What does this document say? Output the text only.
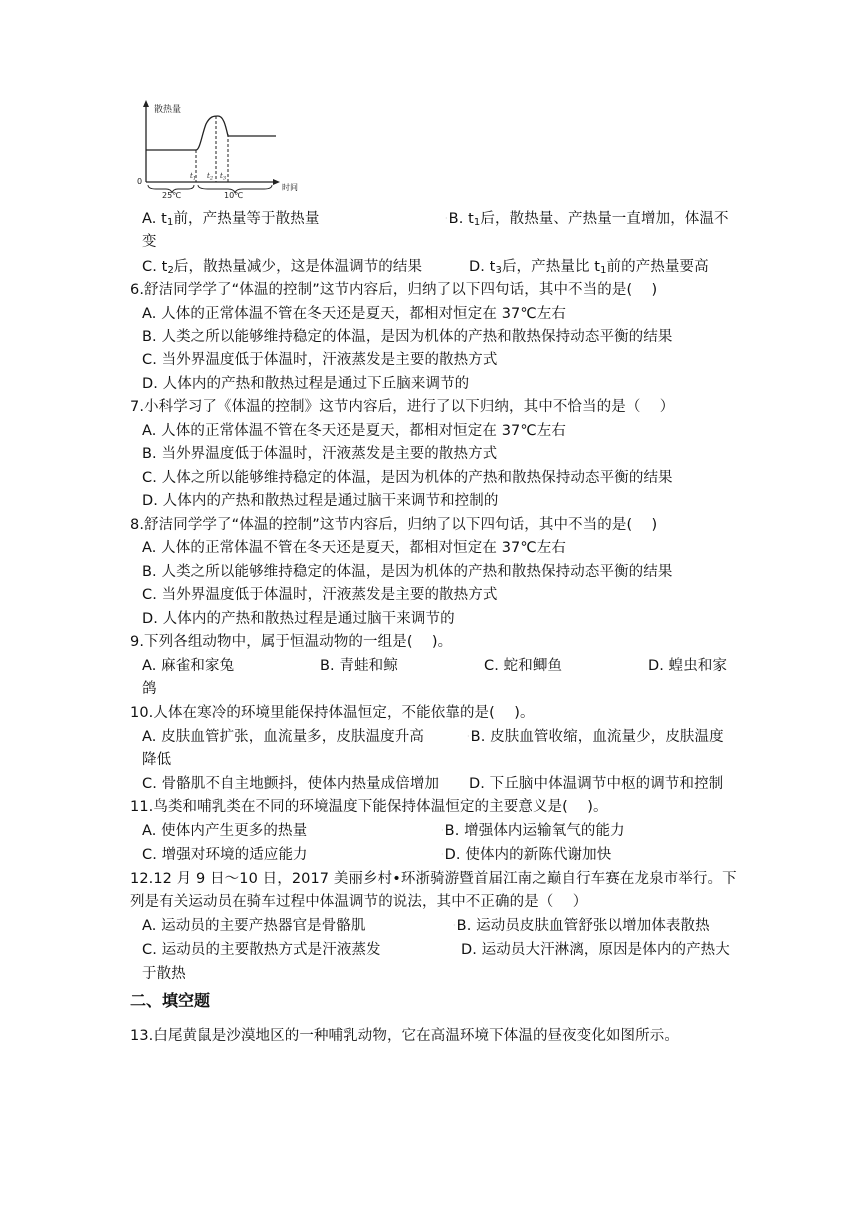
散热量
0
时间
$t_1$ $t_2$ $t_3$
25℃	10℃
A. $t_1$前，产热量等于散热量	·B. $t_1$后，散热量、产热量一直增加，体温不
变
C. $t_2$后，散热量减少，这是体温调节的结果	D. $t_3$后，产热量比 $t_1$前的产热量要高
6.舒洁同学学了“体温的控制”这节内容后，归纳了以下四句话，其中不当的是(　 )
A. 人体的正常体温不管在冬天还是夏天，都相对恒定在 37℃左右
B. 人类之所以能够维持稳定的体温，是因为机体的产热和散热保持动态平衡的结果
C. 当外界温度低于体温时，汗液蒸发是主要的散热方式
D. 人体内的产热和散热过程是通过下丘脑来调节的
7.小科学习了《体温的控制》这节内容后，进行了以下归纳，其中不恰当的是（　 ）
A. 人体的正常体温不管在冬天还是夏天，都相对恒定在 37℃左右
B. 当外界温度低于体温时，汗液蒸发是主要的散热方式
C. 人体之所以能够维持稳定的体温，是因为机体的产热和散热保持动态平衡的结果
D. 人体内的产热和散热过程是通过脑干来调节和控制的
8.舒洁同学学了“体温的控制”这节内容后，归纳了以下四句话，其中不当的是(　 )
A. 人体的正常体温不管在冬天还是夏天，都相对恒定在 37℃左右
B. 人类之所以能够维持稳定的体温，是因为机体的产热和散热保持动态平衡的结果
C. 当外界温度低于体温时，汗液蒸发是主要的散热方式
D. 人体内的产热和散热过程是通过脑干来调节的
9.下列各组动物中，属于恒温动物的一组是(　 )。
A. 麻雀和家兔	B. 青蛙和鲸	C. 蛇和鲫鱼	D. 蝗虫和家
鸽
10.人体在寒冷的环境里能保持体温恒定，不能依靠的是(　 )。
A. 皮肤血管扩张，血流量多，皮肤温度升高	·B. 皮肤血管收缩，血流量少，皮肤温度
降低
C. 骨骼肌不自主地颤抖，使体内热量成倍增加 D. 下丘脑中体温调节中枢的调节和控制
11.鸟类和哺乳类在不同的环境温度下能保持体温恒定的主要意义是(　 )。
A. 使体内产生更多的热量	·B. 增强体内运输氧气的能力
C. 增强对环境的适应能力	·D. 使体内的新陈代谢加快
12.12 月 9 日～10 日，2017 美丽乡村•环浙骑游暨首届江南之巅自行车赛在龙泉市举行。下
列是有关运动员在骑车过程中体温调节的说法，其中不正确的是（　 ）
A. 运动员的主要产热器官是骨骼肌	·B. 运动员皮肤血管舒张以增加体表散热
C. 运动员的主要散热方式是汗液蒸发	D. 运动员大汗淋漓，原因是体内的产热大
于散热
二、填空题
13.白尾黄鼠是沙漠地区的一种哺乳动物，它在高温环境下体温的昼夜变化如图所示。
